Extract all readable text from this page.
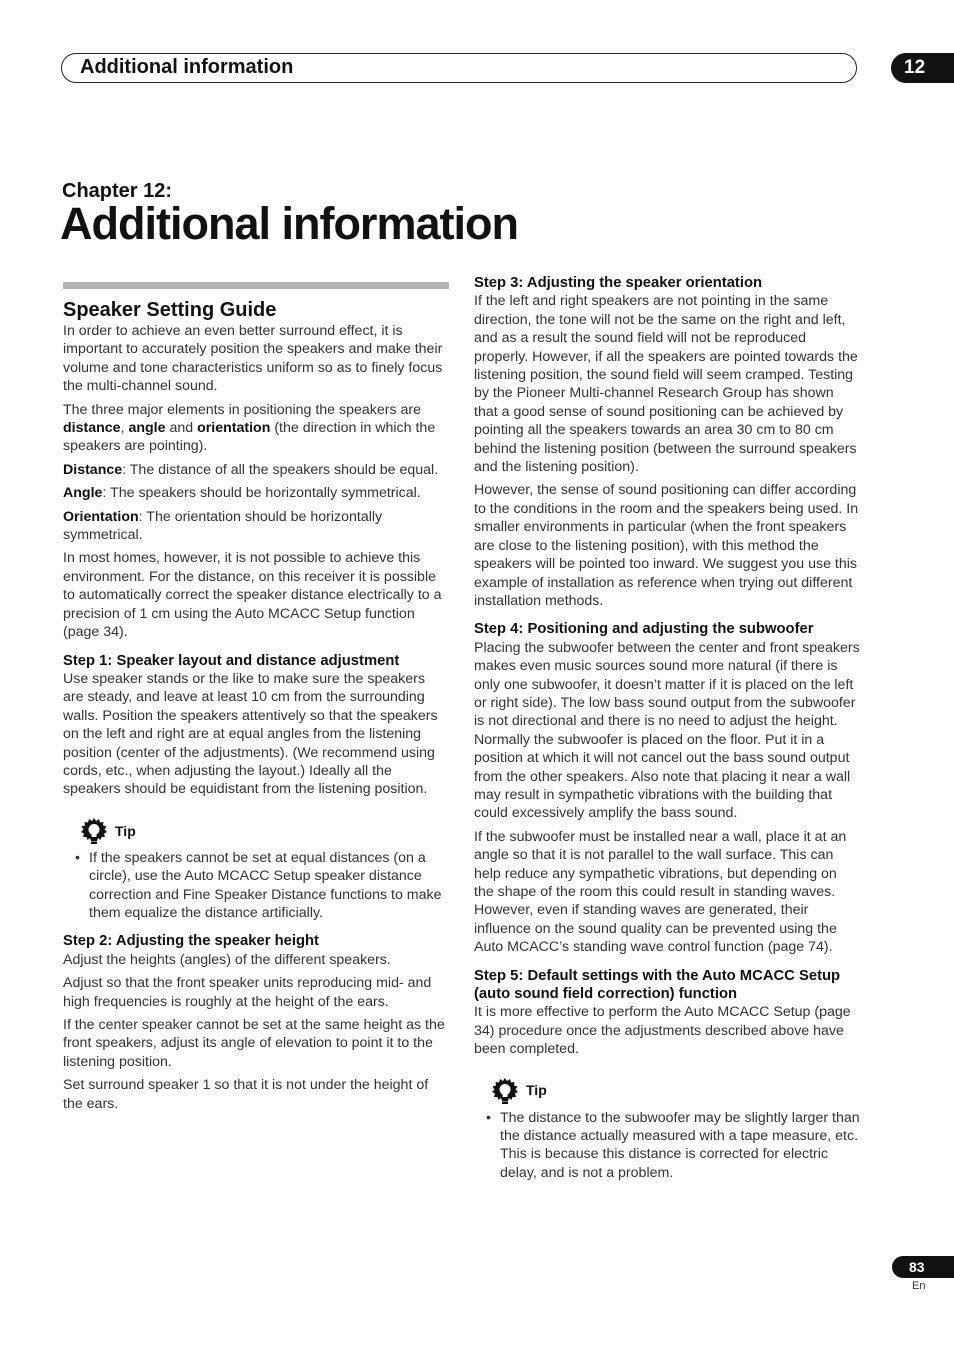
Additional information	12
Chapter 12:
Additional information
Speaker Setting Guide

In order to achieve an even better surround effect, it is important to accurately position the speakers and make their volume and tone characteristics uniform so as to finely focus the multi-channel sound.

The three major elements in positioning the speakers are distance, angle and orientation (the direction in which the speakers are pointing).

Distance: The distance of all the speakers should be equal.

Angle: The speakers should be horizontally symmetrical.

Orientation: The orientation should be horizontally symmetrical.

In most homes, however, it is not possible to achieve this environment. For the distance, on this receiver it is possible to automatically correct the speaker distance electrically to a precision of 1 cm using the Auto MCACC Setup function (page 34).

Step 1: Speaker layout and distance adjustment

Use speaker stands or the like to make sure the speakers are steady, and leave at least 10 cm from the surrounding walls. Position the speakers attentively so that the speakers on the left and right are at equal angles from the listening position (center of the adjustments). (We recommend using cords, etc., when adjusting the layout.) Ideally all the speakers should be equidistant from the listening position.

Tip
• If the speakers cannot be set at equal distances (on a circle), use the Auto MCACC Setup speaker distance correction and Fine Speaker Distance functions to make them equalize the distance artificially.
Step 2: Adjusting the speaker height

Adjust the heights (angles) of the different speakers.

Adjust so that the front speaker units reproducing mid- and high frequencies is roughly at the height of the ears.

If the center speaker cannot be set at the same height as the front speakers, adjust its angle of elevation to point it to the listening position.

Set surround speaker 1 so that it is not under the height of the ears.

Step 3: Adjusting the speaker orientation

If the left and right speakers are not pointing in the same direction, the tone will not be the same on the right and left, and as a result the sound field will not be reproduced properly. However, if all the speakers are pointed towards the listening position, the sound field will seem cramped. Testing by the Pioneer Multi-channel Research Group has shown that a good sense of sound positioning can be achieved by pointing all the speakers towards an area 30 cm to 80 cm behind the listening position (between the surround speakers and the listening position).

However, the sense of sound positioning can differ according to the conditions in the room and the speakers being used. In smaller environments in particular (when the front speakers are close to the listening position), with this method the speakers will be pointed too inward. We suggest you use this example of installation as reference when trying out different installation methods.

Step 4: Positioning and adjusting the subwoofer

Placing the subwoofer between the center and front speakers makes even music sources sound more natural (if there is only one subwoofer, it doesn’t matter if it is placed on the left or right side). The low bass sound output from the subwoofer is not directional and there is no need to adjust the height. Normally the subwoofer is placed on the floor. Put it in a position at which it will not cancel out the bass sound output from the other speakers. Also note that placing it near a wall may result in sympathetic vibrations with the building that could excessively amplify the bass sound.

If the subwoofer must be installed near a wall, place it at an angle so that it is not parallel to the wall surface. This can help reduce any sympathetic vibrations, but depending on the shape of the room this could result in standing waves. However, even if standing waves are generated, their influence on the sound quality can be prevented using the Auto MCACC’s standing wave control function (page 74).

Step 5: Default settings with the Auto MCACC Setup (auto sound field correction) function

It is more effective to perform the Auto MCACC Setup (page 34) procedure once the adjustments described above have been completed.

Tip
• The distance to the subwoofer may be slightly larger than the distance actually measured with a tape measure, etc. This is because this distance is corrected for electric delay, and is not a problem.
83
En
